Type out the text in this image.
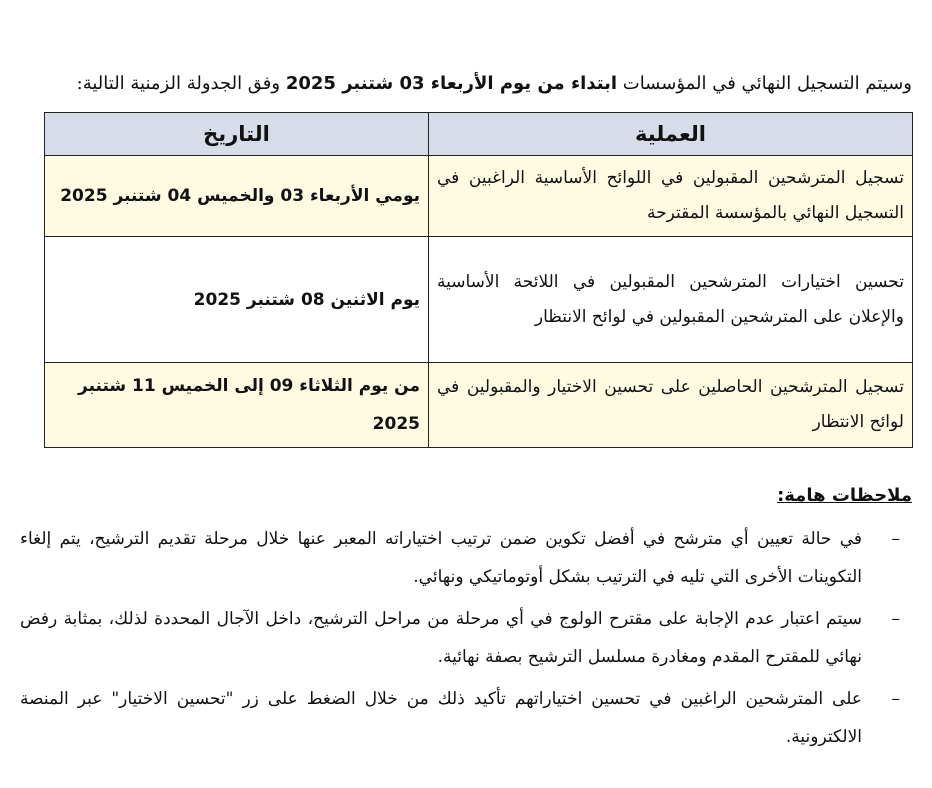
وسيتم التسجيل النهائي في المؤسسات ابتداء من يوم الأربعاء 03 شتنبر 2025 وفق الجدولة الزمنية التالية:
العملية	التاريخ
تسجيل المترشحين المقبولين في اللوائح الأساسية الراغبين في التسجيل النهائي بالمؤسسة المقترحة	يومي الأربعاء 03 والخميس 04 شتنبر 2025
تحسين اختيارات المترشحين المقبولين في اللائحة الأساسية والإعلان على المترشحين المقبولين في لوائح الانتظار	يوم الاثنين 08 شتنبر 2025
تسجيل المترشحين الحاصلين على تحسين الاختيار والمقبولين في لوائح الانتظار	من يوم الثلاثاء 09 إلى الخميس 11 شتنبر 2025
ملاحظات هامة:
–
في حالة تعيين أي مترشح في أفضل تكوين ضمن ترتيب اختياراته المعبر عنها خلال مرحلة تقديم الترشيح، يتم إلغاء التكوينات الأخرى التي تليه في الترتيب بشكل أوتوماتيكي ونهائي.
–
سيتم اعتبار عدم الإجابة على مقترح الولوج في أي مرحلة من مراحل الترشيح، داخل الآجال المحددة لذلك، بمثابة رفض نهائي للمقترح المقدم ومغادرة مسلسل الترشيح بصفة نهائية.
–
على المترشحين الراغبين في تحسين اختياراتهم تأكيد ذلك من خلال الضغط على زر "تحسين الاختيار" عبر المنصة الالكترونية.
